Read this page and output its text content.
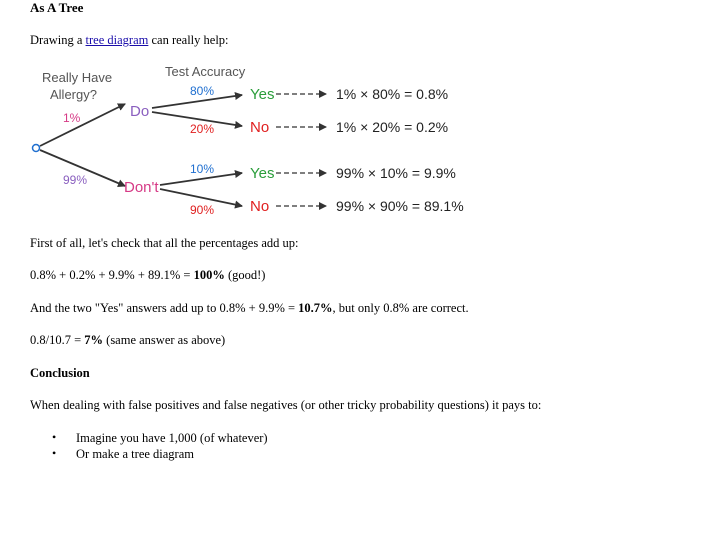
As A Tree
Drawing a tree diagram can really help:
Really Have
Allergy?
Test Accuracy
1%
99%
Do
Don't
80%
20%
10%
90%
Yes
No
Yes
No
1% × 80% = 0.8%
1% × 20% = 0.2%
99% × 10% = 9.9%
99% × 90% = 89.1%
First of all, let's check that all the percentages add up:
0.8% + 0.2% + 9.9% + 89.1% = 100% (good!)
And the two "Yes" answers add up to 0.8% + 9.9% = 10.7%, but only 0.8% are correct.
0.8/10.7 = 7% (same answer as above)
Conclusion
When dealing with false positives and false negatives (or other tricky probability questions) it pays to:
• Imagine you have 1,000 (of whatever)
• Or make a tree diagram
